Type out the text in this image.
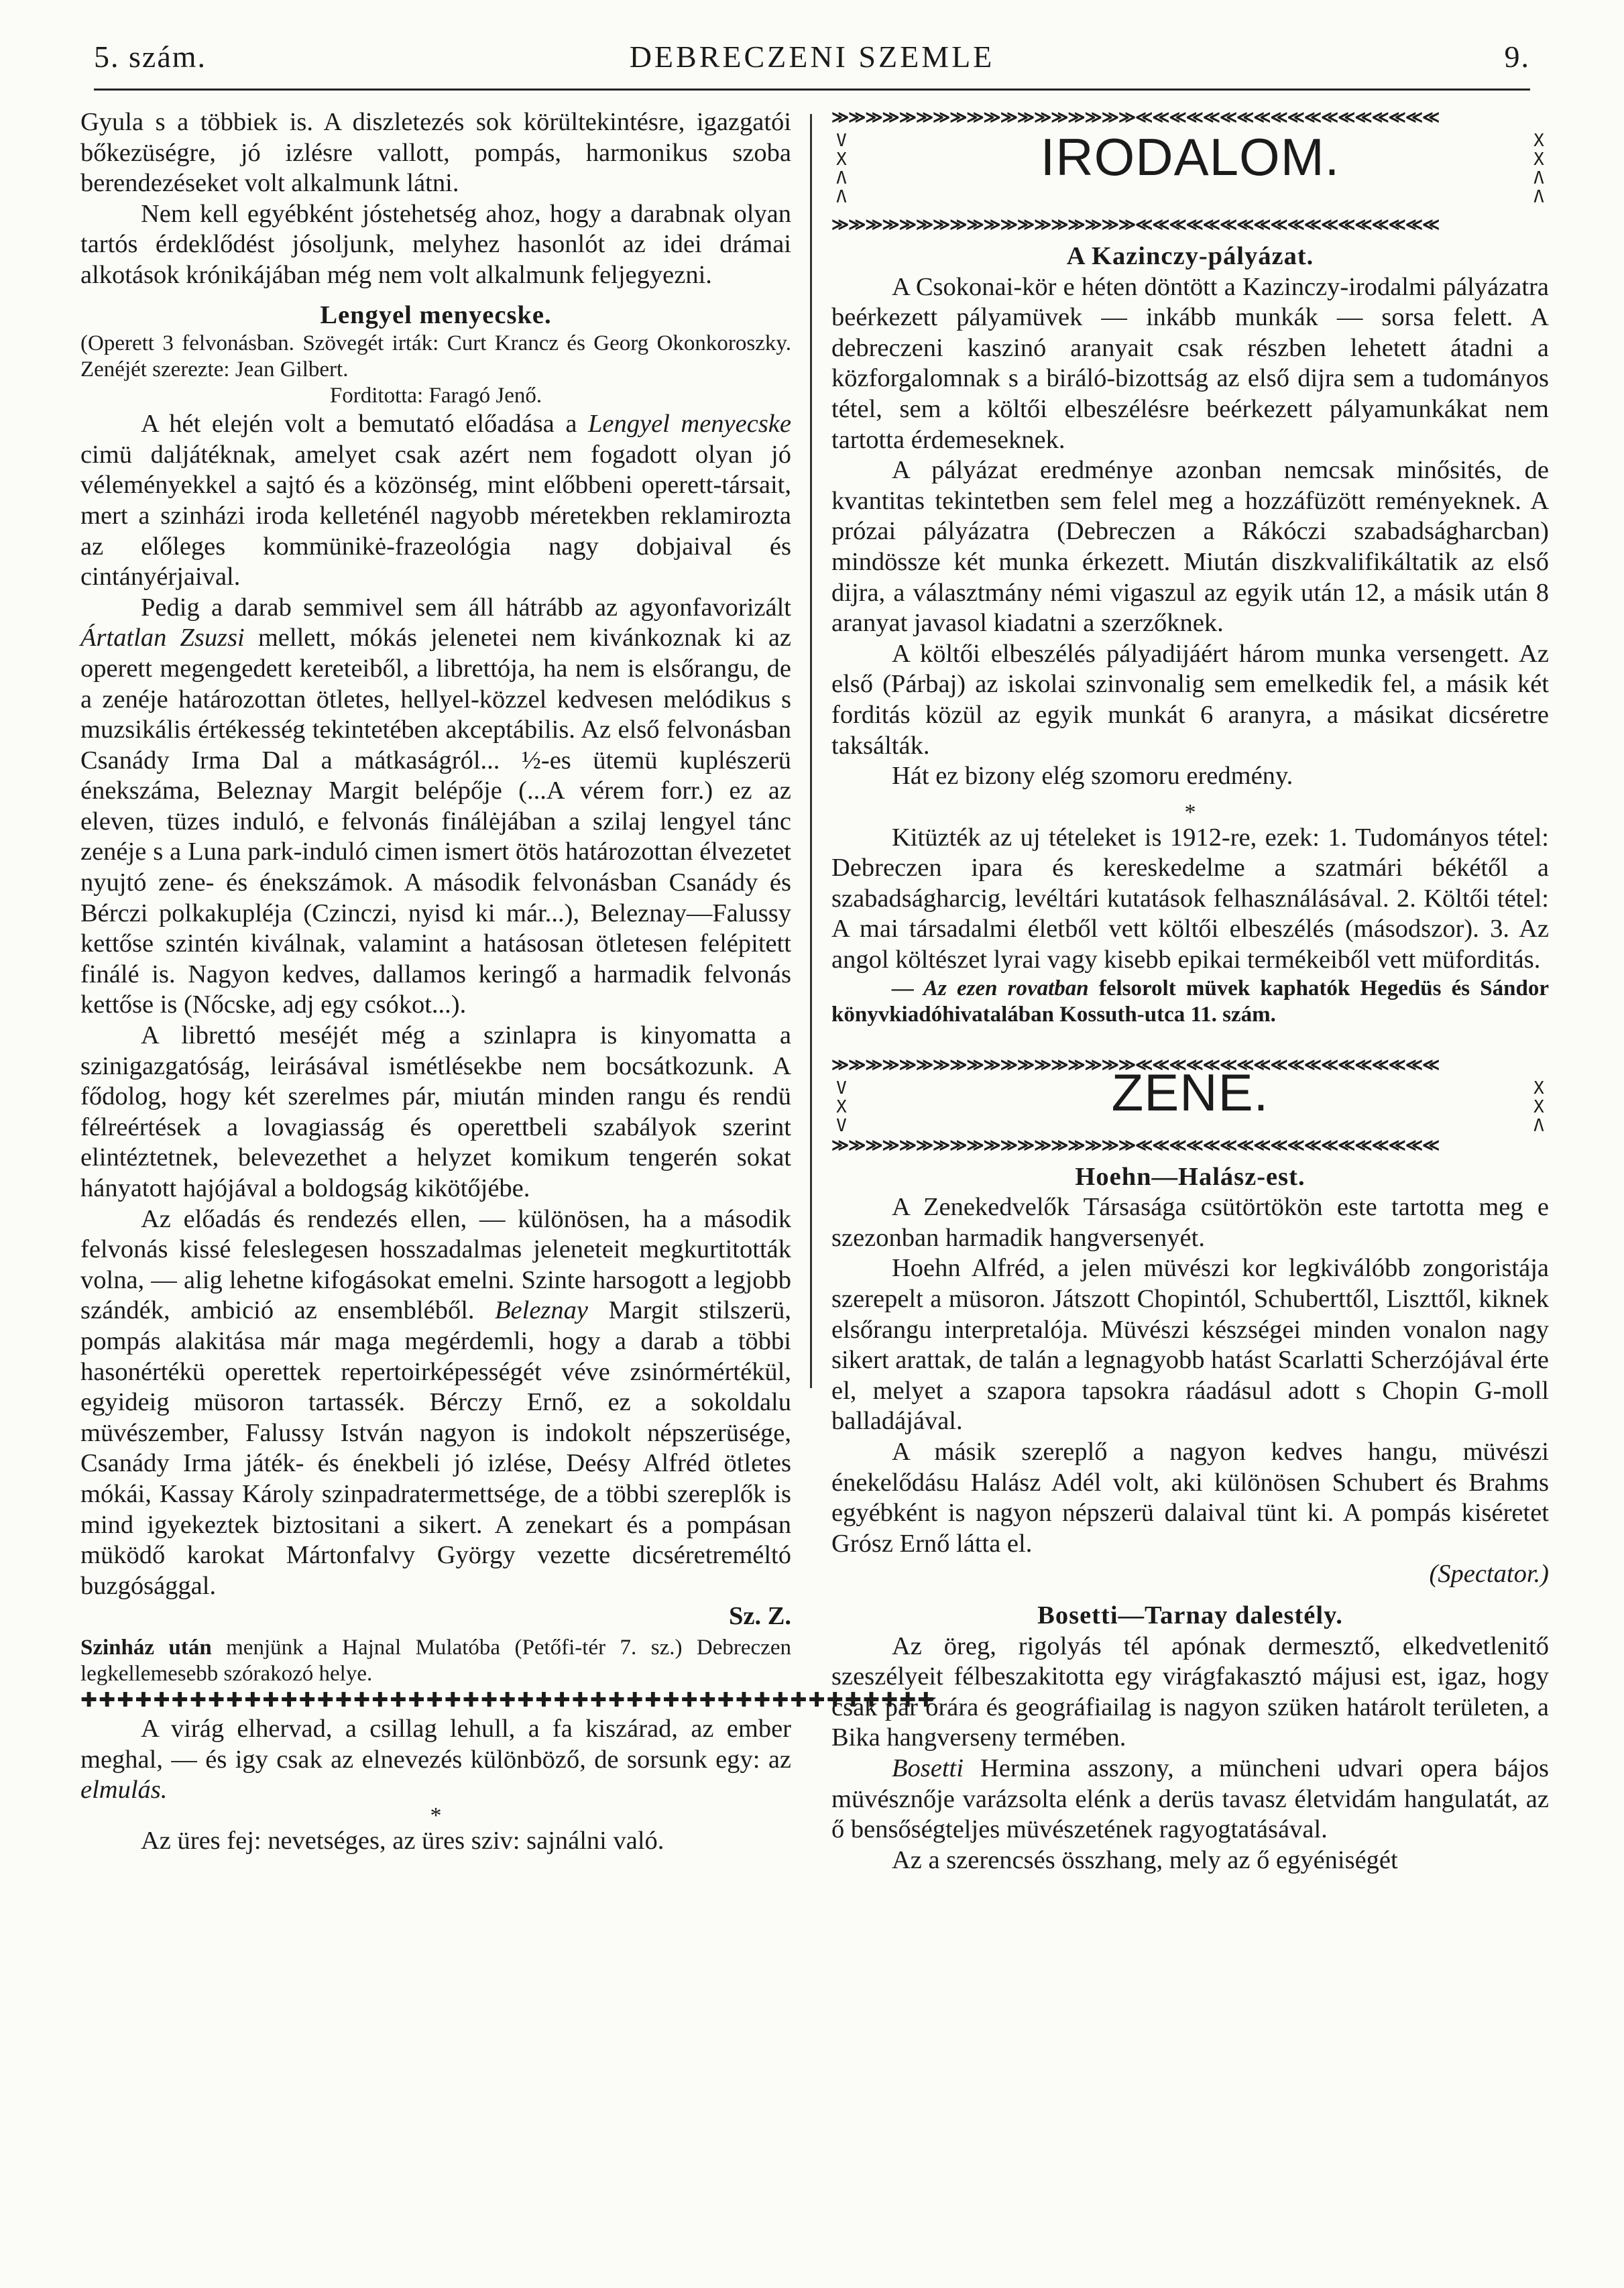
5. szám.	DEBRECZENI SZEMLE	9.

Gyula s a többiek is. A diszletezés sok körültekintésre, igazgatói bőkezüségre, jó izlésre vallott, pompás, harmonikus szoba berendezéseket volt alkalmunk látni.

Nem kell egyébként jóstehetség ahoz, hogy a darabnak olyan tartós érdeklődést jósoljunk, melyhez hasonlót az idei drámai alkotások krónikájában még nem volt alkalmunk feljegyezni.

Lengyel menyecske.

(Operett 3 felvonásban. Szövegét irták: Curt Krancz és Georg Okonkoroszky. Zenéjét szerezte: Jean Gilbert.

Forditotta: Faragó Jenő.

A hét elején volt a bemutató előadása a Lengyel menyecske cimü daljátéknak, amelyet csak azért nem fogadott olyan jó véleményekkel a sajtó és a közönség, mint előbbeni operett-társait, mert a szinházi iroda kelleténél nagyobb méretekben reklamirozta az előleges kommünikė-frazeológia nagy dobjaival és cintányérjaival.

Pedig a darab semmivel sem áll hátrább az agyonfavorizált Ártatlan Zsuzsi mellett, mókás jelenetei nem kivánkoznak ki az operett megengedett kereteiből, a librettója, ha nem is elsőrangu, de a zenéje határozottan ötletes, hellyel-közzel kedvesen melódikus s muzsikális értékesség tekintetében akceptábilis. Az első felvonásban Csanády Irma Dal a mátkaságról... ½-es ütemü kuplészerü énekszáma, Beleznay Margit belépője (...A vérem forr.) ez az eleven, tüzes induló, e felvonás finálėjában a szilaj lengyel tánc zenéje s a Luna park-induló cimen ismert ötös határozottan élvezetet nyujtó zene- és énekszámok. A második felvonásban Csanády és Bérczi polkakupléja (Czinczi, nyisd ki már...), Beleznay—Falussy kettőse szintén kiválnak, valamint a hatásosan ötletesen felépitett finálé is. Nagyon kedves, dallamos keringő a harmadik felvonás kettőse is (Nőcske, adj egy csókot...).

A librettó meséjét még a szinlapra is kinyomatta a szinigazgatóság, leirásával ismétlésekbe nem bocsátkozunk. A fődolog, hogy két szerelmes pár, miután minden rangu és rendü félreértések a lovagiasság és operettbeli szabályok szerint elintéztetnek, belevezethet a helyzet komikum tengerén sokat hányatott hajójával a boldogság kikötőjébe.

Az előadás és rendezés ellen, — különösen, ha a második felvonás kissé feleslegesen hosszadalmas jeleneteit megkurtitották volna, — alig lehetne kifogásokat emelni. Szinte harsogott a legjobb szándék, ambició az ensembléből. Beleznay Margit stilszerü, pompás alakitása már maga megérdemli, hogy a darab a többi hasonértékü operettek repertoirképességét véve zsinórmértékül, egyideig müsoron tartassék. Bérczy Ernő, ez a sokoldalu müvészember, Falussy István nagyon is indokolt népszerüsége, Csanády Irma játék- és énekbeli jó izlése, Deésy Alfréd ötletes mókái, Kassay Károly szinpadratermettsége, de a többi szereplők is mind igyekeztek biztositani a sikert. A zenekart és a pompásan müködő karokat Mártonfalvy György vezette dicséretreméltó buzgósággal.

Sz. Z.

Szinház után menjünk a Hajnal Mulatóba (Petőfi-tér 7. sz.) Debreczen legkellemesebb szórakozó helye.

✚✚✚✚✚✚✚✚✚✚✚✚✚✚✚✚✚✚✚✚✚✚✚✚✚✚✚✚✚✚✚✚✚✚✚✚✚✚✚✚✚✚✚✚✚✚✚

A virág elhervad, a csillag lehull, a fa kiszárad, az ember meghal, — és igy csak az elnevezés különböző, de sorsunk egy: az elmulás.

*

Az üres fej: nevetséges, az üres sziv: sajnálni való.

≫≫≫≫≫≫≫≫≫≫≫≫≫≫≫≫≫≫≪≪≪≪≪≪≪≪≪≪≪≪≪≪≪≪≪≪
V
X
Λ
Λ
IRODALOM.	X
X
Λ
Λ
≫≫≫≫≫≫≫≫≫≫≫≫≫≫≫≫≫≫≪≪≪≪≪≪≪≪≪≪≪≪≪≪≪≪≪≪

A Kazinczy-pályázat.

A Csokonai-kör e héten döntött a Kazinczy-irodalmi pályázatra beérkezett pályamüvek — inkább munkák — sorsa felett. A debreczeni kaszinó aranyait csak részben lehetett átadni a közforgalomnak s a biráló-bizottság az első dijra sem a tudományos tétel, sem a költői elbeszélésre beérkezett pályamunkákat nem tartotta érdemeseknek.

A pályázat eredménye azonban nemcsak minősités, de kvantitas tekintetben sem felel meg a hozzáfüzött reményeknek. A prózai pályázatra (Debreczen a Rákóczi szabadságharcban) mindössze két munka érkezett. Miután diszkvalifikáltatik az első dijra, a választmány némi vigaszul az egyik után 12, a másik után 8 aranyat javasol kiadatni a szerzőknek.

A költői elbeszélés pályadijáért három munka versengett. Az első (Párbaj) az iskolai szinvonalig sem emelkedik fel, a másik két forditás közül az egyik munkát 6 aranyra, a másikat dicséretre taksálták.

Hát ez bizony elég szomoru eredmény.

*

Kitüzték az uj tételeket is 1912-re, ezek: 1. Tudományos tétel: Debreczen ipara és kereskedelme a szatmári békétől a szabadságharcig, levéltári kutatások felhasználásával. 2. Költői tétel: A mai társadalmi életből vett költői elbeszélés (másodszor). 3. Az angol költészet lyrai vagy kisebb epikai termékeiből vett müforditás.

— Az ezen rovatban felsorolt müvek kaphatók Hegedüs és Sándor könyvkiadóhivatalában Kossuth-utca 11. szám.

≫≫≫≫≫≫≫≫≫≫≫≫≫≫≫≫≫≫≪≪≪≪≪≪≪≪≪≪≪≪≪≪≪≪≪≪
V
X
V
ZENE.	X
X
Λ
≫≫≫≫≫≫≫≫≫≫≫≫≫≫≫≫≫≫≪≪≪≪≪≪≪≪≪≪≪≪≪≪≪≪≪≪

Hoehn—Halász-est.

A Zenekedvelők Társasága csütörtökön este tartotta meg e szezonban harmadik hangversenyét.

Hoehn Alfréd, a jelen müvészi kor legkiválóbb zongoristája szerepelt a müsoron. Játszott Chopintól, Schuberttől, Liszttől, kiknek elsőrangu interpretalója. Müvészi készségei minden vonalon nagy sikert arattak, de talán a legnagyobb hatást Scarlatti Scherzójával érte el, melyet a szapora tapsokra ráadásul adott s Chopin G-moll balladájával.

A másik szereplő a nagyon kedves hangu, müvészi énekelődásu Halász Adél volt, aki különösen Schubert és Brahms egyébként is nagyon népszerü dalaival tünt ki. A pompás kiséretet Grósz Ernő látta el.

(Spectator.)

Bosetti—Tarnay dalestély.

Az öreg, rigolyás tél apónak dermesztő, elkedvetlenitő szeszélyeit félbeszakitotta egy virágfakasztó májusi est, igaz, hogy csak pár órára és geográfiailag is nagyon szüken határolt területen, a Bika hangverseny termében.

Bosetti Hermina asszony, a müncheni udvari opera bájos müvésznője varázsolta elénk a derüs tavasz életvidám hangulatát, az ő bensőségteljes müvészetének ragyogtatásával.

Az a szerencsés összhang, mely az ő egyéniségét
